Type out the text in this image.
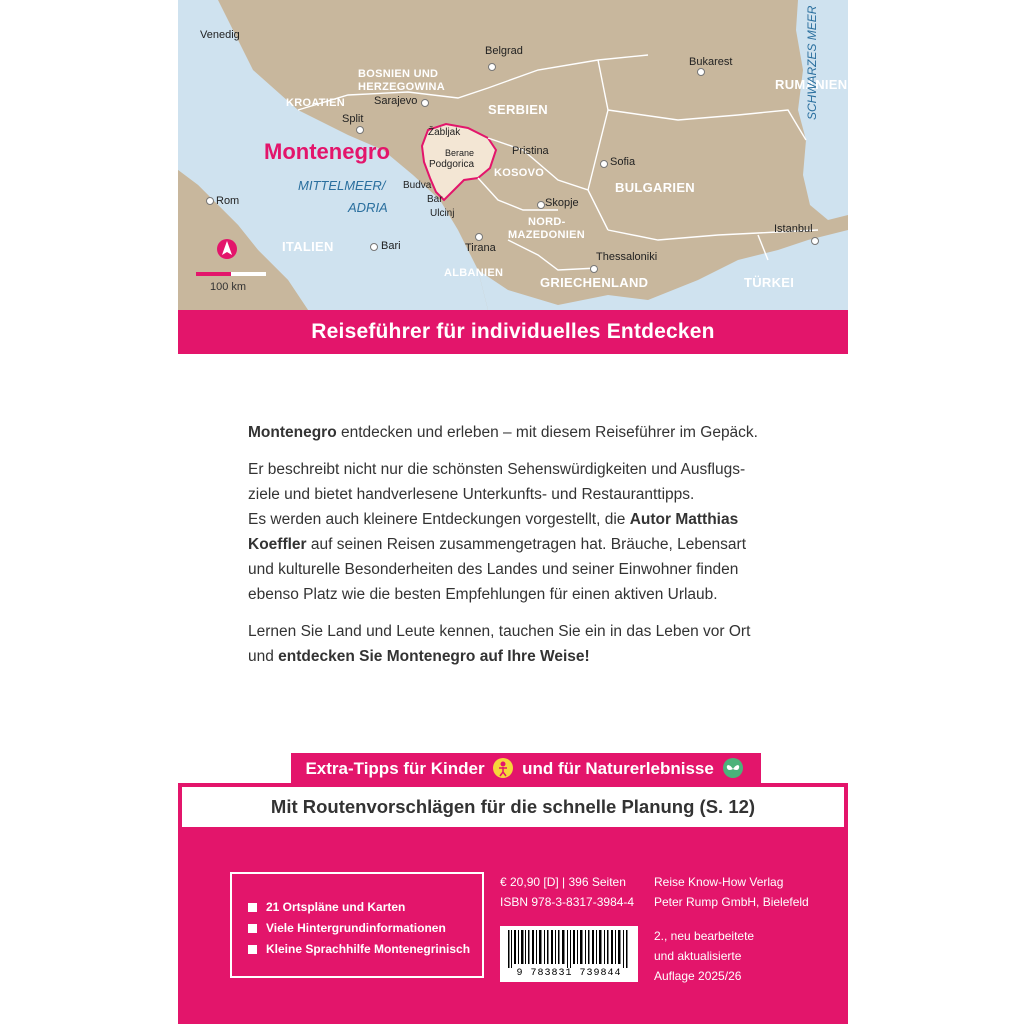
Venedig
Belgrad
Bukarest
RUMÄNIEN
SCHWARZES MEER
BOSNIEN UND
HERZEGOWINA
Sarajevo
KROATIEN	SERBIEN
Split
Montenegro
Žabljak
Berane
Podgorica
Pristina
Sofia
KOSOVO
MITTELMEER/
ADRIA
Budva
Bar
Ulcinj
BULGARIEN
Skopje
Rom
NORD-
MAZEDONIEN	Istanbul
ITALIEN	Bari	Tirana
Thessaloniki
ALBANIEN
GRIECHENLAND	TÜRKEI
100 km
Reiseführer für individuelles Entdecken

Montenegro entdecken und erleben – mit diesem Reiseführer im Gepäck.

Er beschreibt nicht nur die schönsten Sehenswürdigkeiten und Ausflugs-
ziele und bietet handverlesene Unterkunfts- und Restauranttipps.
Es werden auch kleinere Entdeckungen vorgestellt, die Autor Matthias
Koeffler auf seinen Reisen zusammengetragen hat. Bräuche, Lebensart
und kulturelle Besonderheiten des Landes und seiner Einwohner finden
ebenso Platz wie die besten Empfehlungen für einen aktiven Urlaub.

Lernen Sie Land und Leute kennen, tauchen Sie ein in das Leben vor Ort
und entdecken Sie Montenegro auf Ihre Weise!

Extra-Tipps für Kinder und für Naturerlebnisse
Mit Routenvorschlägen für die schnelle Planung (S. 12)
21 Ortspläne und Karten
Viele Hintergrundinformationen
Kleine Sprachhilfe Montenegrinisch
€ 20,90 [D] | 396 Seiten
ISBN 978-3-8317-3984-4
Reise Know-How Verlag
Peter Rump GmbH, Bielefeld
2., neu bearbeitete
und aktualisierte
Auflage 2025/26
9 783831 739844
